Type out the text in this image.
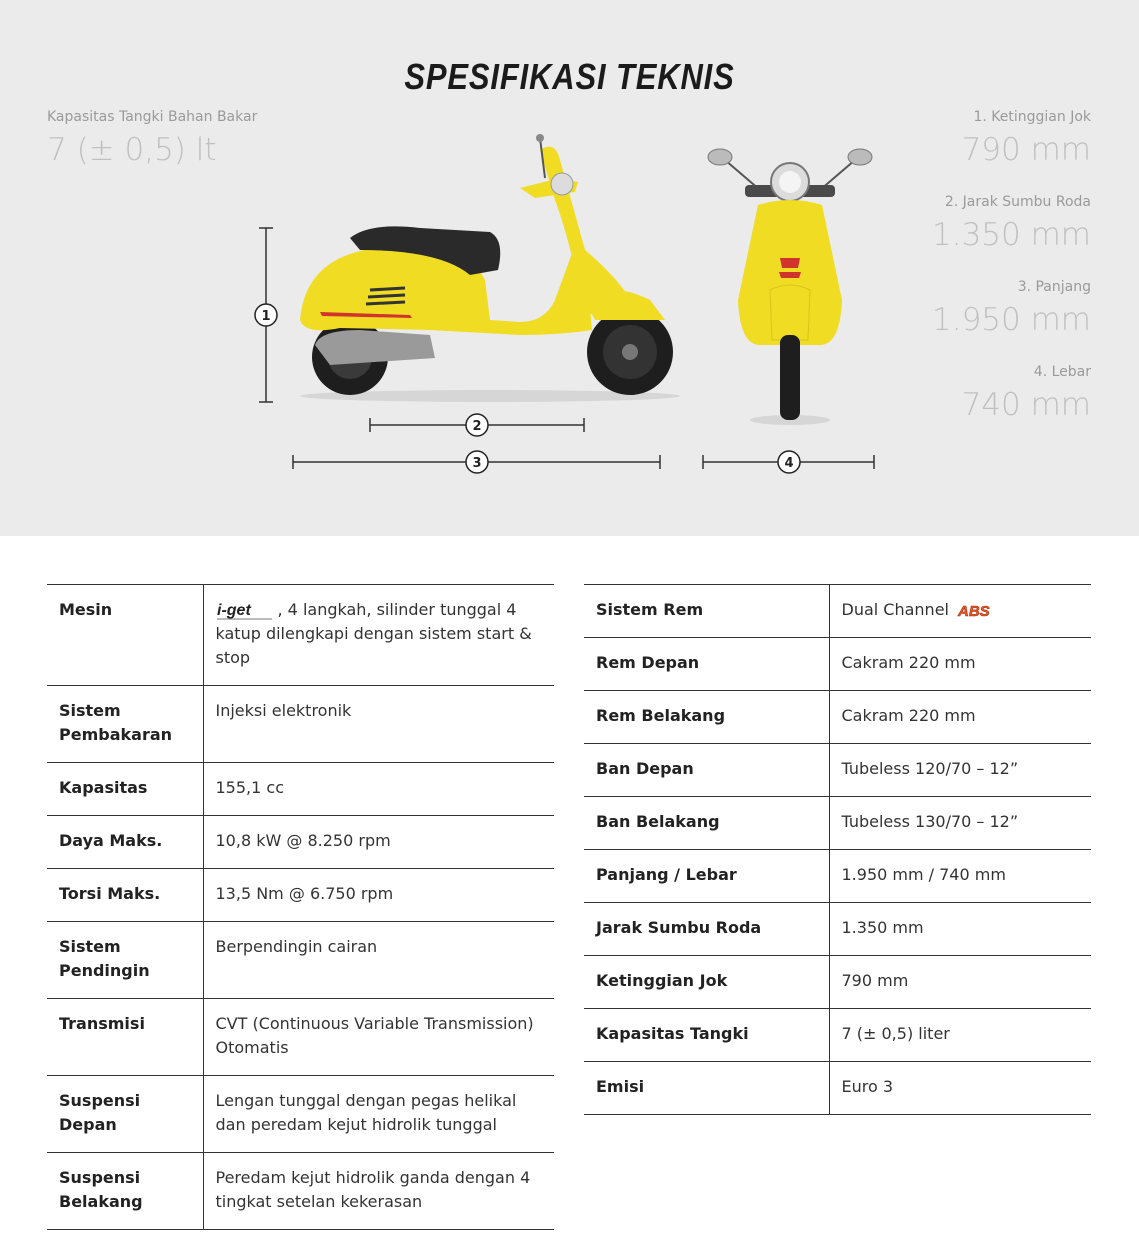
SPESIFIKASI TEKNIS
Kapasitas Tangki Bahan Bakar
7 (± 0,5) lt
1. Ketinggian Jok
790 mm
2. Jarak Sumbu Roda
1.350 mm
3. Panjang
1.950 mm
4. Lebar
740 mm
1
2
3	4
Mesin	i-get , 4 langkah, silinder tunggal 4 katup dilengkapi dengan sistem start & stop
Sistem Pembakaran	Injeksi elektronik
Kapasitas	155,1 cc
Daya Maks.	10,8 kW @ 8.250 rpm
Torsi Maks.	13,5 Nm @ 6.750 rpm
Sistem Pendingin	Berpendingin cairan
Transmisi	CVT (Continuous Variable Transmission) Otomatis
Suspensi Depan	Lengan tunggal dengan pegas helikal dan peredam kejut hidrolik tunggal
Suspensi Belakang	Peredam kejut hidrolik ganda dengan 4 tingkat setelan kekerasan
Sistem Rem	Dual Channel ABS

Rem Depan	Cakram 220 mm
Rem Belakang	Cakram 220 mm
Ban Depan	Tubeless 120/70 – 12”
Ban Belakang	Tubeless 130/70 – 12”
Panjang / Lebar	1.950 mm / 740 mm
Jarak Sumbu Roda	1.350 mm
Ketinggian Jok	790 mm
Kapasitas Tangki	7 (± 0,5) liter
Emisi	Euro 3
